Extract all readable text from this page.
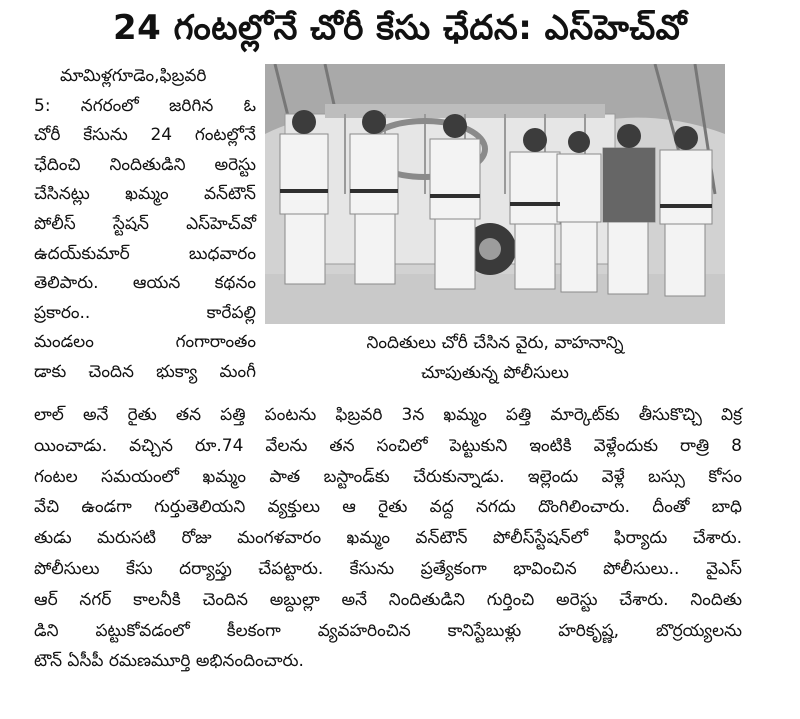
24 గంటల్లోనే చోరీ కేసు ఛేదన: ఎస్‌హెచ్‌వో
మామిళ్లగూడెం,ఫిబ్రవరి
5: నగరంలో జరిగిన ఓ
చోరీ కేసును 24 గంటల్లోనే
ఛేదించి నిందితుడిని అరెస్టు
చేసినట్లు ఖమ్మం వన్‌టౌన్
పోలీస్ స్టేషన్ ఎస్‌హెచ్‌వో
ఉదయ్‌కుమార్ బుధవారం
తెలిపారు. ఆయన కథనం
ప్రకారం.. కారేపల్లి
మండలం గంగారాంతం
డాకు చెందిన భుక్యా మంగీ
నిందితులు చోరీ చేసిన వైరు, వాహనాన్ని
చూపుతున్న పోలీసులు
లాల్ అనే రైతు తన పత్తి పంటను ఫిబ్రవరి 3న ఖమ్మం పత్తి మార్కెట్‌కు తీసుకొచ్చి విక్ర
యించాడు. వచ్చిన రూ.74 వేలను తన సంచిలో పెట్టుకుని ఇంటికి వెళ్లేందుకు రాత్రి 8
గంటల సమయంలో ఖమ్మం పాత బస్టాండ్‌కు చేరుకున్నాడు. ఇల్లెందు వెళ్లే బస్సు కోసం
వేచి ఉండగా గుర్తుతెలియని వ్యక్తులు ఆ రైతు వద్ద నగదు దొంగిలించారు. దీంతో బాధి
తుడు మరుసటి రోజు మంగళవారం ఖమ్మం వన్‌టౌన్ పోలీస్‌స్టేషన్‌లో ఫిర్యాదు చేశారు.
పోలీసులు కేసు దర్యాప్తు చేపట్టారు. కేసును ప్రత్యేకంగా భావించిన పోలీసులు.. వైఎస్
ఆర్ నగర్ కాలనీకి చెందిన అబ్దుల్లా అనే నిందితుడిని గుర్తించి అరెస్టు చేశారు. నిందితు
డిని పట్టుకోవడంలో కీలకంగా వ్యవహరించిన కానిస్టేబుళ్లు హరికృష్ణ, బొర్రయ్యలను
టౌన్ ఏసీపీ రమణమూర్తి అభినందించారు.
